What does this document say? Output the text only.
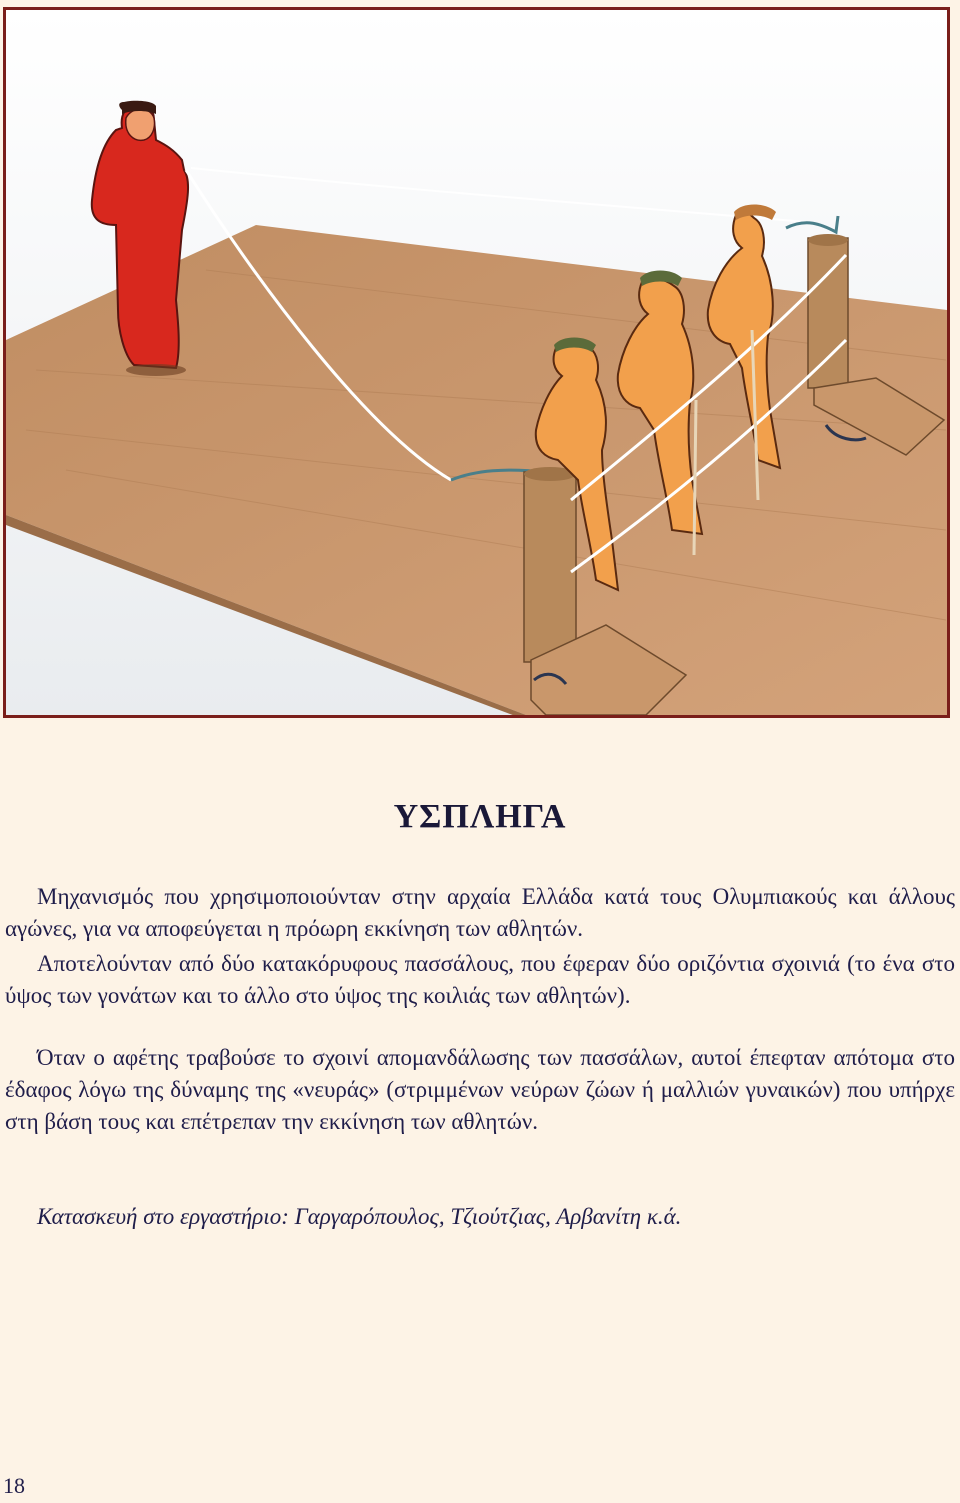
ΥΣΠΛΗΓΑ
Μηχανισμός που χρησιμοποιούνταν στην αρχαία Ελλάδα κατά τους Ολυμπιακούς και άλλους αγώνες, για να αποφεύγεται η πρόωρη εκκίνηση των αθλητών.
Αποτελούνταν από δύο κατακόρυφους πασσάλους, που έφεραν δύο οριζόντια σχοινιά (το ένα στο ύψος των γονάτων και το άλλο στο ύψος της κοιλιάς των αθλητών).
Όταν ο αφέτης τραβούσε το σχοινί απομανδάλωσης των πασσάλων, αυτοί έπεφταν απότομα στο έδαφος λόγω της δύναμης της «νευράς» (στριμμένων νεύρων ζώων ή μαλλιών γυναικών) που υπήρχε στη βάση τους και επέτρεπαν την εκκίνηση των αθλητών.
Κατασκευή στο εργαστήριο: Γαργαρόπουλος, Τζιούτζιας, Αρβανίτη κ.ά.
18
